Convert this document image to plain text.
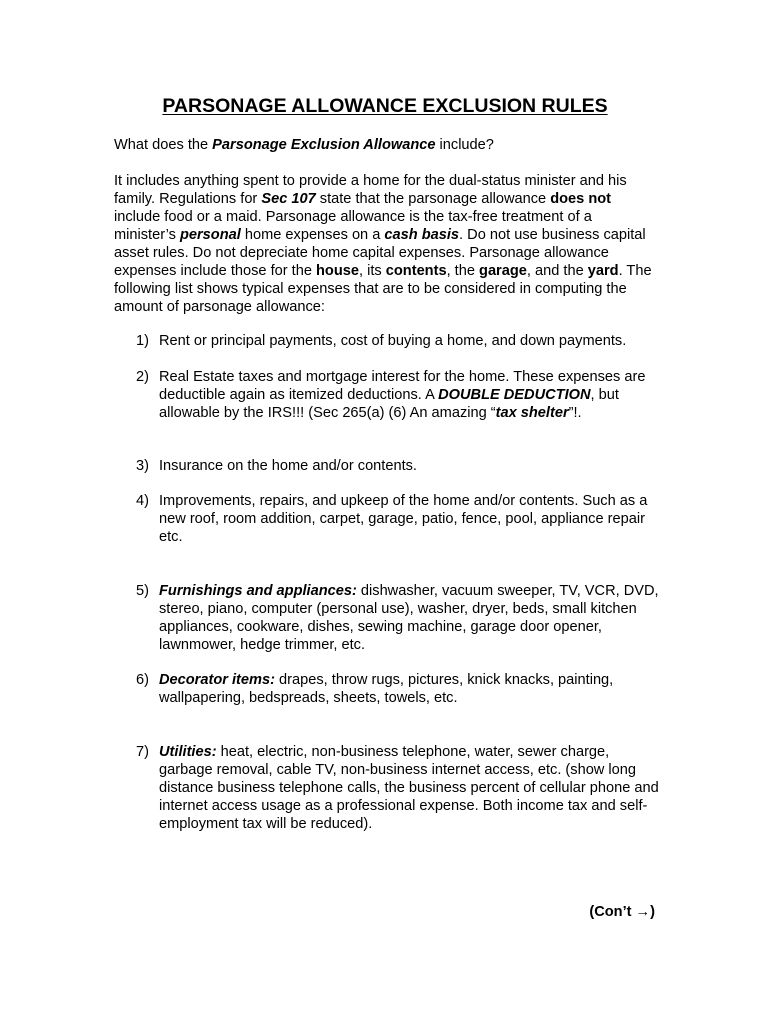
PARSONAGE ALLOWANCE EXCLUSION RULES

What does the Parsonage Exclusion Allowance include?

It includes anything spent to provide a home for the dual-status minister and his family. Regulations for Sec 107 state that the parsonage allowance does not include food or a maid. Parsonage allowance is the tax-free treatment of a minister’s personal home expenses on a cash basis. Do not use business capital asset rules. Do not depreciate home capital expenses. Parsonage allowance expenses include those for the house, its contents, the garage, and the yard. The following list shows typical expenses that are to be considered in computing the amount of parsonage allowance:

1) Rent or principal payments, cost of buying a home, and down payments.
2) Real Estate taxes and mortgage interest for the home. These expenses are deductible again as itemized deductions. A DOUBLE DEDUCTION, but allowable by the IRS!!! (Sec 265(a) (6) An amazing “tax shelter”!.
3) Insurance on the home and/or contents.
4) Improvements, repairs, and upkeep of the home and/or contents. Such as a new roof, room addition, carpet, garage, patio, fence, pool, appliance repair etc.
5) Furnishings and appliances: dishwasher, vacuum sweeper, TV, VCR, DVD, stereo, piano, computer (personal use), washer, dryer, beds, small kitchen appliances, cookware, dishes, sewing machine, garage door opener, lawnmower, hedge trimmer, etc.
6) Decorator items: drapes, throw rugs, pictures, knick knacks, painting, wallpapering, bedspreads, sheets, towels, etc.
7) Utilities: heat, electric, non-business telephone, water, sewer charge, garbage removal, cable TV, non-business internet access, etc. (show long distance business telephone calls, the business percent of cellular phone and internet access usage as a professional expense. Both income tax and self-employment tax will be reduced).
(Con’t →)
